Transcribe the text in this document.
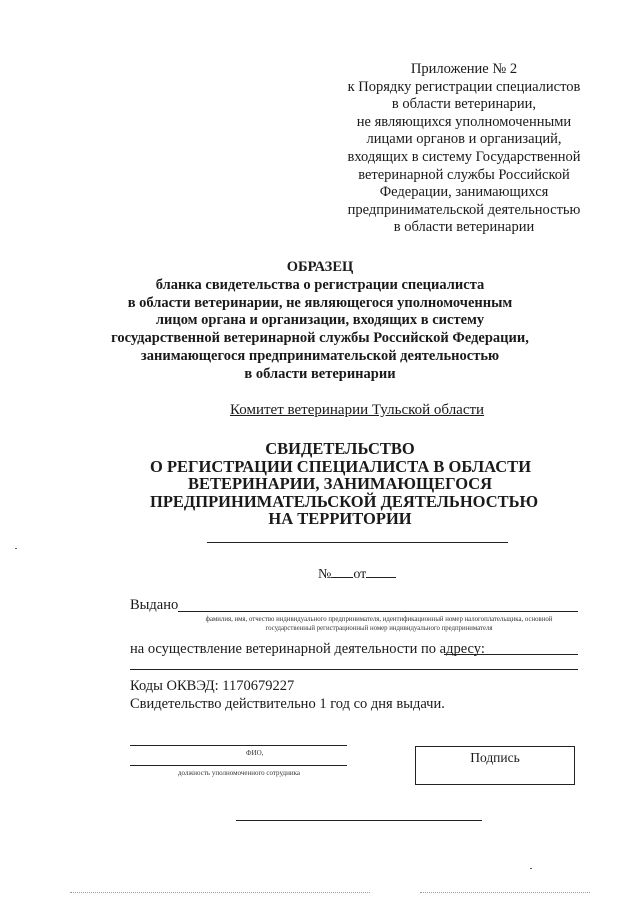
Приложение № 2
к Порядку регистрации специалистов
в области ветеринарии,
не являющихся уполномоченными
лицами органов и организаций,
входящих в систему Государственной
ветеринарной службы Российской
Федерации, занимающихся
предпринимательской деятельностью
в области ветеринарии
ОБРАЗЕЦ
бланка свидетельства о регистрации специалиста
в области ветеринарии, не являющегося уполномоченным
лицом органа и организации, входящих в систему
государственной ветеринарной службы Российской Федерации,
занимающегося предпринимательской деятельностью
в области ветеринарии
Комитет ветеринарии Тульской области
СВИДЕТЕЛЬСТВО
О РЕГИСТРАЦИИ СПЕЦИАЛИСТА В ОБЛАСТИ
ВЕТЕРИНАРИИ, ЗАНИМАЮЩЕГОСЯ
ПРЕДПРИНИМАТЕЛЬСКОЙ ДЕЯТЕЛЬНОСТЬЮ
НА ТЕРРИТОРИИ
№ от
Выдано
фамилия, имя, отчество индивидуального предпринимателя, идентификационный номер налогоплательщика, основной
государственный регистрационный номер индивидуального предпринимателя
на осуществление ветеринарной деятельности по адресу:
Коды ОКВЭД: 1170679227
Свидетельство действительно 1 год со дня выдачи.
ФИО,
должность уполномоченного сотрудника
Подпись
